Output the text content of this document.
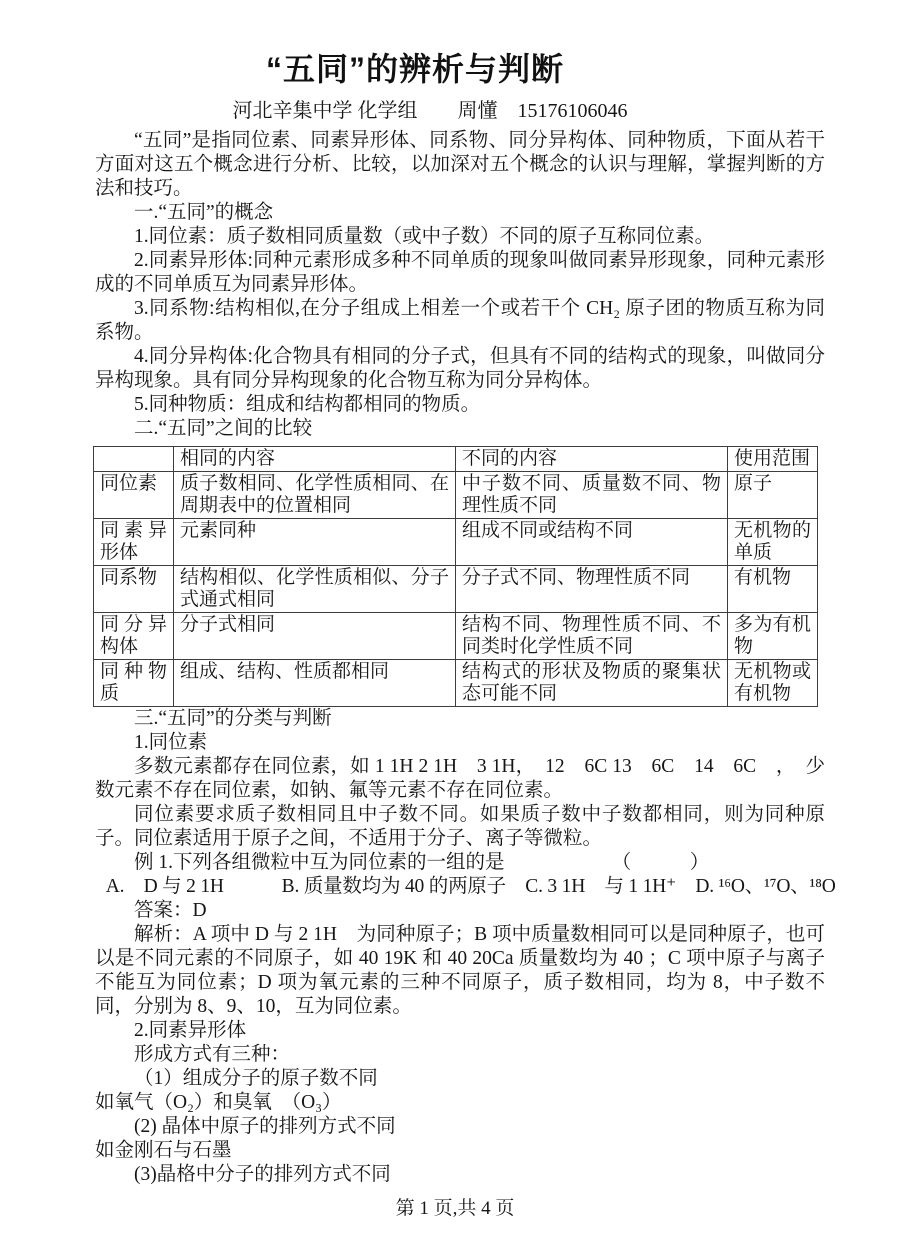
“五同”的辨析与判断
河北辛集中学 化学组　　周懂　15176106046

“五同”是指同位素、同素异形体、同系物、同分异构体、同种物质，下面从若干方面对这五个概念进行分析、比较，以加深对五个概念的认识与理解，掌握判断的方法和技巧。

一.“五同”的概念

1.同位素：质子数相同质量数（或中子数）不同的原子互称同位素。

2.同素异形体:同种元素形成多种不同单质的现象叫做同素异形现象，同种元素形成的不同单质互为同素异形体。

3.同系物:结构相似,在分子组成上相差一个或若干个 CH₂ 原子团的物质互称为同系物。

4.同分异构体:化合物具有相同的分子式，但具有不同的结构式的现象，叫做同分异构现象。具有同分异构现象的化合物互称为同分异构体。

5.同种物质：组成和结构都相同的物质。

二.“五同”之间的比较

	相同的内容	不同的内容	使用范围
同位素	质子数相同、化学性质相同、在周期表中的位置相同	中子数不同、质量数不同、物理性质不同	原子
同素异形体	元素同种	组成不同或结构不同	无机物的单质
同系物	结构相似、化学性质相似、分子式通式相同	分子式不同、物理性质不同	有机物
同分异构体	分子式相同	结构不同、物理性质不同、不同类时化学性质不同	多为有机物
同种物质	组成、结构、性质都相同	结构式的形状及物质的聚集状态可能不同	无机物或有机物

三.“五同”的分类与判断

1.同位素

多数元素都存在同位素，如 1 1H 2 1H　3 1H，　12　6C 13　6C　14　6C　，　少数元素不存在同位素，如钠、氟等元素不存在同位素。

同位素要求质子数相同且中子数不同。如果质子数中子数都相同，则为同种原子。同位素适用于原子之间，不适用于分子、离子等微粒。

例 1.下列各组微粒中互为同位素的一组的是　　　　　　（　　　）

A.　D 与 2 1H　　　B. 质量数均为 40 的两原子　C. 3 1H　与 1 1H⁺　D. ¹⁶O、¹⁷O、¹⁸O

答案：D

解析：A 项中 D 与 2 1H　为同种原子；B 项中质量数相同可以是同种原子，也可以是不同元素的不同原子，如 40 19K 和 40 20Ca 质量数均为 40 ；C 项中原子与离子不能互为同位素；D 项为氧元素的三种不同原子，质子数相同，均为 8，中子数不同，分别为 8、9、10，互为同位素。

2.同素异形体

形成方式有三种：

（1）组成分子的原子数不同

如氧气（O₂）和臭氧　（O₃）

(2) 晶体中原子的排列方式不同

如金刚石与石墨

(3)晶格中分子的排列方式不同

第 1 页,共 4 页
